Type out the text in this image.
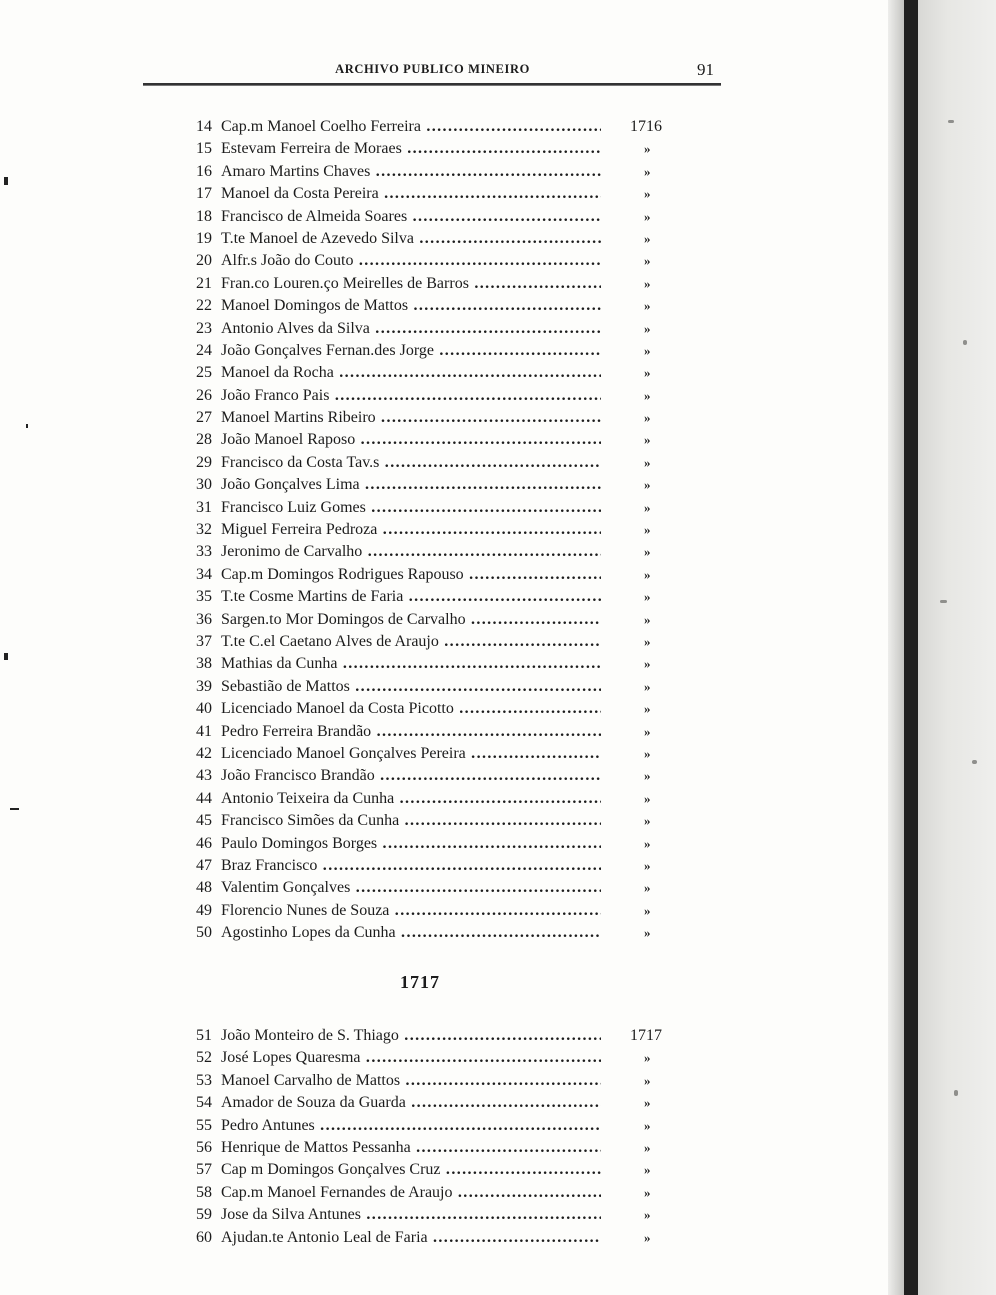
ARCHIVO PUBLICO MINEIRO	91
14 Cap.m Manoel Coelho Ferreira .....	1716
15 Estevam Ferreira de Moraes .....	»
16 Amaro Martins Chaves .....	»
17 Manoel da Costa Pereira .....	»
18 Francisco de Almeida Soares .....	»
19 T.te Manoel de Azevedo Silva .....	»
20 Alfr.s João do Couto .....	»
21 Fran.co Louren.ço Meirelles de Barros .....	»
22 Manoel Domingos de Mattos .....	»
23 Antonio Alves da Silva .....	»
24 João Gonçalves Fernan.des Jorge .....	»
25 Manoel da Rocha .....	»
26 João Franco Pais .....	»
27 Manoel Martins Ribeiro .....	»
28 João Manoel Raposo .....	»
29 Francisco da Costa Tav.s .....	»
30 João Gonçalves Lima .....	»
31 Francisco Luiz Gomes .....	»
32 Miguel Ferreira Pedroza .....	»
33 Jeronimo de Carvalho .....	»
34 Cap.m Domingos Rodrigues Rapouso .....	»
35 T.te Cosme Martins de Faria .....	»
36 Sargen.to Mor Domingos de Carvalho .....	»
37 T.te C.el Caetano Alves de Araujo .....	»
38 Mathias da Cunha .....	»
39 Sebastião de Mattos .....	»
40 Licenciado Manoel da Costa Picotto .....	»
41 Pedro Ferreira Brandão .....	»
42 Licenciado Manoel Gonçalves Pereira .....	»
43 João Francisco Brandão .....	»
44 Antonio Teixeira da Cunha .....	»
45 Francisco Simões da Cunha .....	»
46 Paulo Domingos Borges .....	»
47 Braz Francisco .....	»
48 Valentim Gonçalves .....	»
49 Florencio Nunes de Souza .....	»
50 Agostinho Lopes da Cunha .....	»
1717
51 João Monteiro de S. Thiago .....	1717
52 José Lopes Quaresma .....	»
53 Manoel Carvalho de Mattos .....	»
54 Amador de Souza da Guarda .....	»
55 Pedro Antunes .....	»
56 Henrique de Mattos Pessanha .....	»
57 Cap m Domingos Gonçalves Cruz .....	»
58 Cap.m Manoel Fernandes de Araujo .....	»
59 Jose da Silva Antunes .....	»
60 Ajudan.te Antonio Leal de Faria .....	»
